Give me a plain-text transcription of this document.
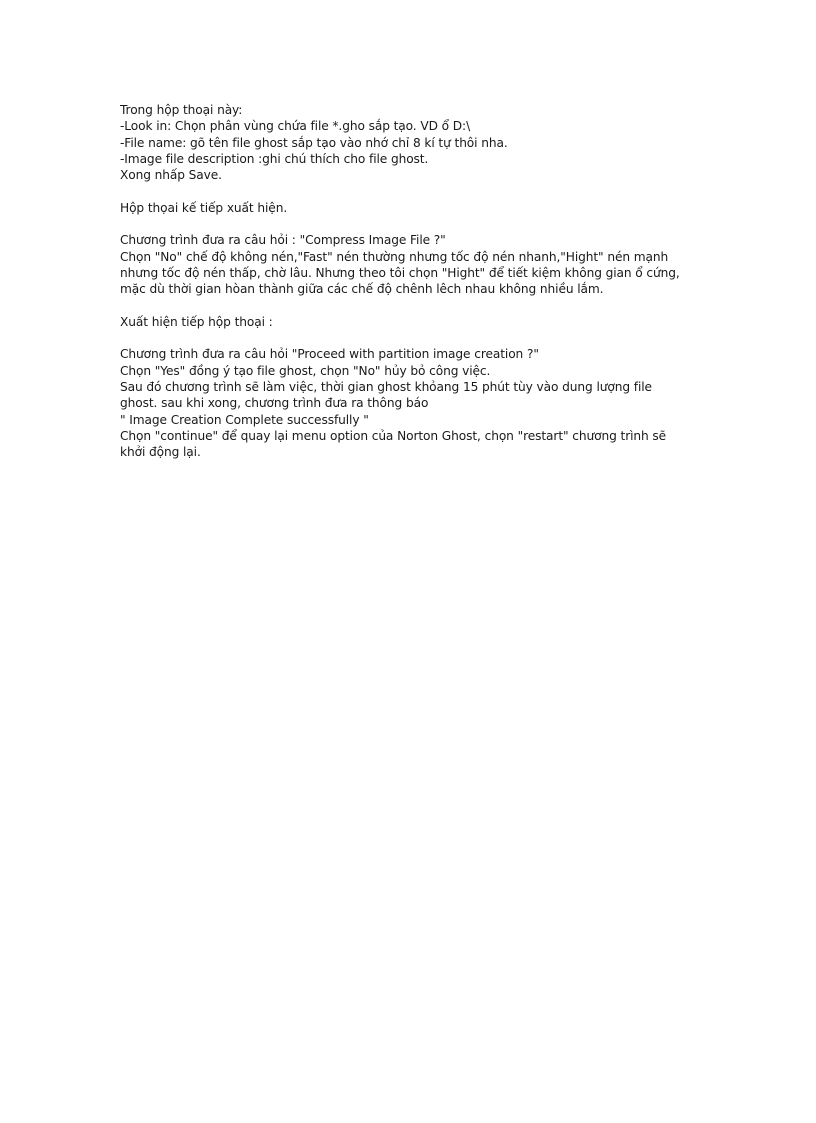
Trong hộp thoại này:
-Look in: Chọn phân vùng chứa file *.gho sắp tạo. VD ổ D:\
-File name: gõ tên file ghost sắp tạo vào nhớ chỉ 8 kí tự thôi nha.
-Image file description :ghi chú thích cho file ghost.
Xong nhấp Save.
Hộp thọai kế tiếp xuất hiện.
Chương trình đưa ra câu hỏi : "Compress Image File ?"
Chọn "No" chế độ không nén,"Fast" nén thường nhưng tốc độ nén nhanh,"Hight" nén mạnh
nhưng tốc độ nén thấp, chờ lâu. Nhưng theo tôi chọn "Hight" để tiết kiệm không gian ổ cứng,
mặc dù thời gian hòan thành giữa các chế độ chênh lêch nhau không nhiều lắm.
Xuất hiện tiếp hộp thoại :
Chương trình đưa ra câu hỏi "Proceed with partition image creation ?"
Chọn "Yes" đồng ý tạo file ghost, chọn "No" hủy bỏ công việc.
Sau đó chương trình sẽ làm việc, thời gian ghost khỏang 15 phút tùy vào dung lượng file
ghost. sau khi xong, chương trình đưa ra thông báo
" Image Creation Complete successfully "
Chọn "continue" để quay lại menu option của Norton Ghost, chọn "restart" chương trình sẽ
khởi động lại.
